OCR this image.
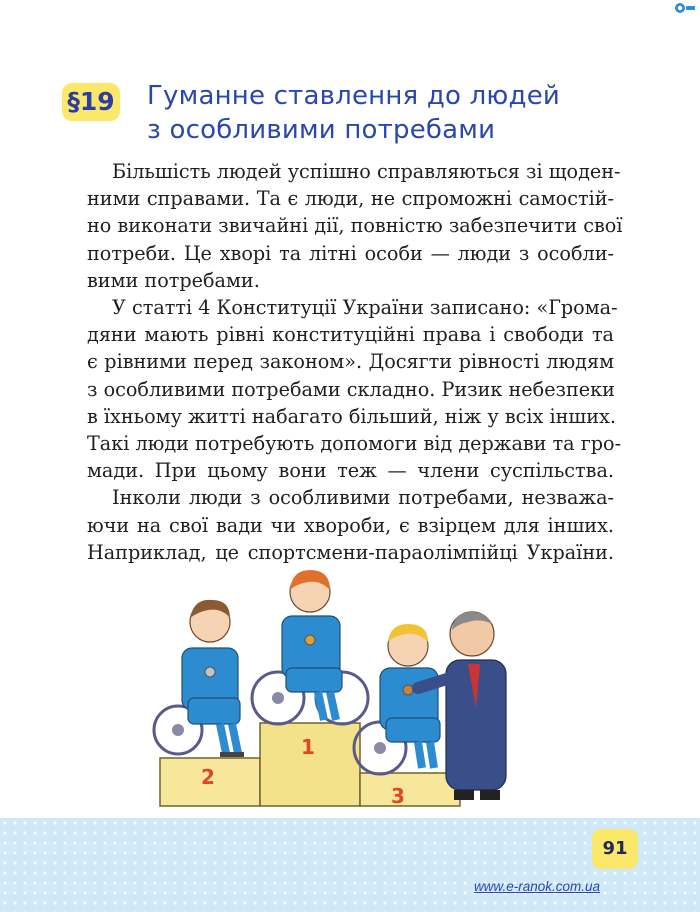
§19 Гуманне ставлення до людей
з особливими потребами
Більшість людей успішно справляються зі щоден-
ними справами. Та є люди, не спроможні самостій-
но виконати звичайні дії, повністю забезпечити свої
потреби. Це хворі та літні особи — люди з особли-
вими потребами.
У статті 4 Конституції України записано: «Грома-
дяни мають рівні конституційні права і свободи та
є рівними перед законом». Досягти рівності людям
з особливими потребами складно. Ризик небезпеки
в їхньому житті набагато більший, ніж у всіх інших.
Такі люди потребують допомоги від держави та гро-
мади. При цьому вони теж — члени суспільства.
Інколи люди з особливими потребами, незважа-
ючи на свої вади чи хвороби, є взірцем для інших.
Наприклад, це спортсмени-параолімпійці України.
2
1
3
91
www.e-ranok.com.ua
